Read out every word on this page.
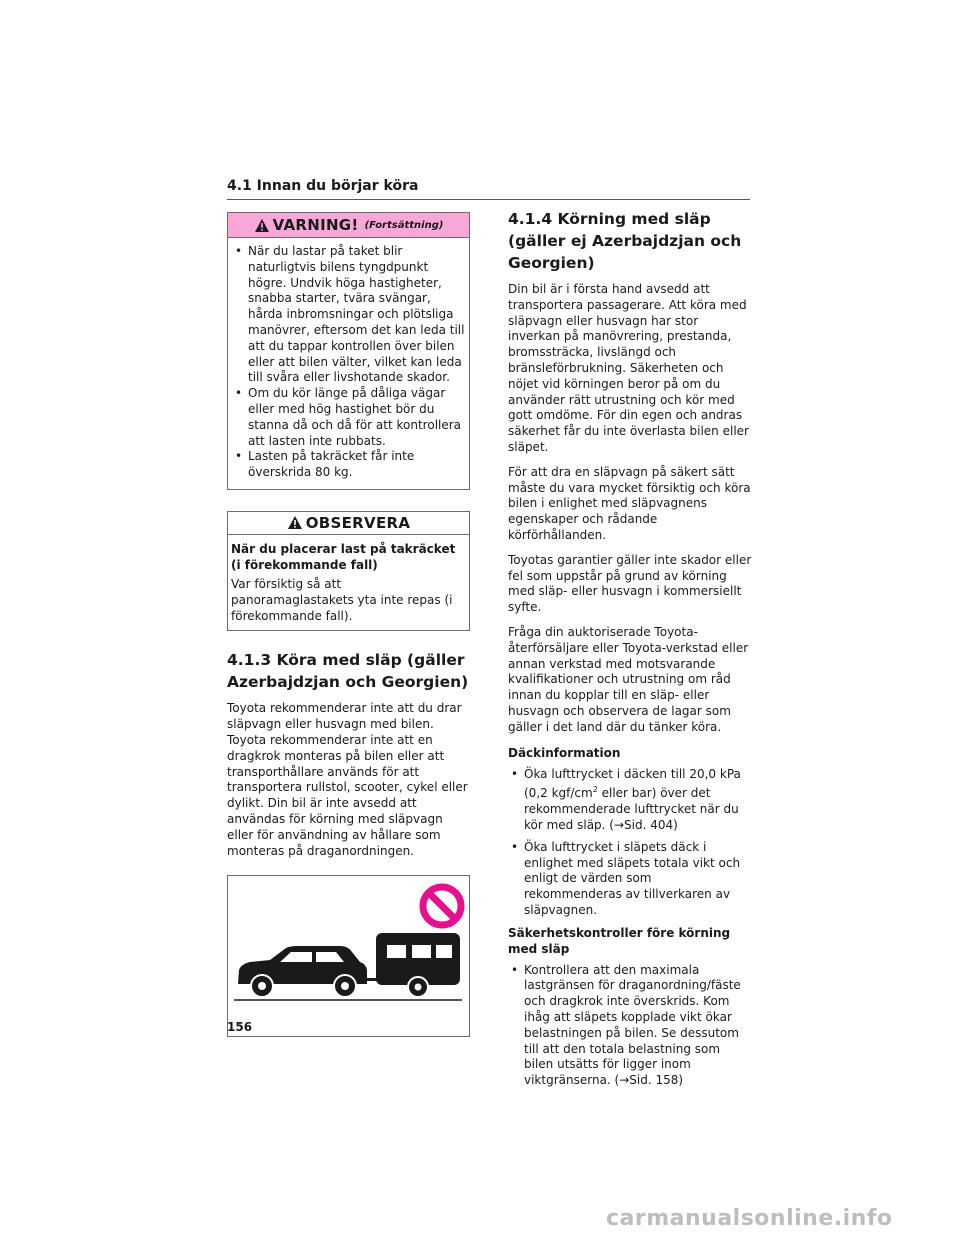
4.1 Innan du börjar köra
VARNING! (Fortsättning)
• När du lastar på taket blir naturligtvis bilens tyngdpunkt högre. Undvik höga hastigheter, snabba starter, tvära svängar, hårda inbromsningar och plötsliga manövrer, eftersom det kan leda till att du tappar kontrollen över bilen eller att bilen välter, vilket kan leda till svåra eller livshotande skador.
• Om du kör länge på dåliga vägar eller med hög hastighet bör du stanna då och då för att kontrollera att lasten inte rubbats.
• Lasten på takräcket får inte överskrida 80 kg.
OBSERVERA
När du placerar last på takräcket (i förekommande fall)

Var försiktig så att panoramaglastakets yta inte repas (i förekommande fall).

4.1.3 Köra med släp (gäller Azerbajdzjan och Georgien)

Toyota rekommenderar inte att du drar släpvagn eller husvagn med bilen. Toyota rekommenderar inte att en dragkrok monteras på bilen eller att transporthållare används för att transportera rullstol, scooter, cykel eller dylikt. Din bil är inte avsedd att användas för körning med släpvagn eller för användning av hållare som monteras på draganordningen.

4.1.4 Körning med släp (gäller ej Azerbajdzjan och Georgien)

Din bil är i första hand avsedd att transportera passagerare. Att köra med släpvagn eller husvagn har stor inverkan på manövrering, prestanda, bromssträcka, livslängd och bränsleförbrukning. Säkerheten och nöjet vid körningen beror på om du använder rätt utrustning och kör med gott omdöme. För din egen och andras säkerhet får du inte överlasta bilen eller släpet.

För att dra en släpvagn på säkert sätt måste du vara mycket försiktig och köra bilen i enlighet med släpvagnens egenskaper och rådande körförhållanden.

Toyotas garantier gäller inte skador eller fel som uppstår på grund av körning med släp- eller husvagn i kommersiellt syfte.

Fråga din auktoriserade Toyota-återförsäljare eller Toyota-verkstad eller annan verkstad med motsvarande kvalifikationer och utrustning om råd innan du kopplar till en släp- eller husvagn och observera de lagar som gäller i det land där du tänker köra.

Däckinformation
• Öka lufttrycket i däcken till 20,0 kPa (0,2 kgf/$cm^2$ eller bar) över det rekommenderade lufttrycket när du kör med släp. (→Sid. 404)
• Öka lufttrycket i släpets däck i enlighet med släpets totala vikt och enligt de värden som rekommenderas av tillverkaren av släpvagnen.
Säkerhetskontroller före körning med släp
• Kontrollera att den maximala lastgränsen för draganordning/fäste och dragkrok inte överskrids. Kom ihåg att släpets kopplade vikt ökar belastningen på bilen. Se dessutom till att den totala belastning som bilen utsätts för ligger inom viktgränserna. (→Sid. 158)
156
carmanualsonline.info
